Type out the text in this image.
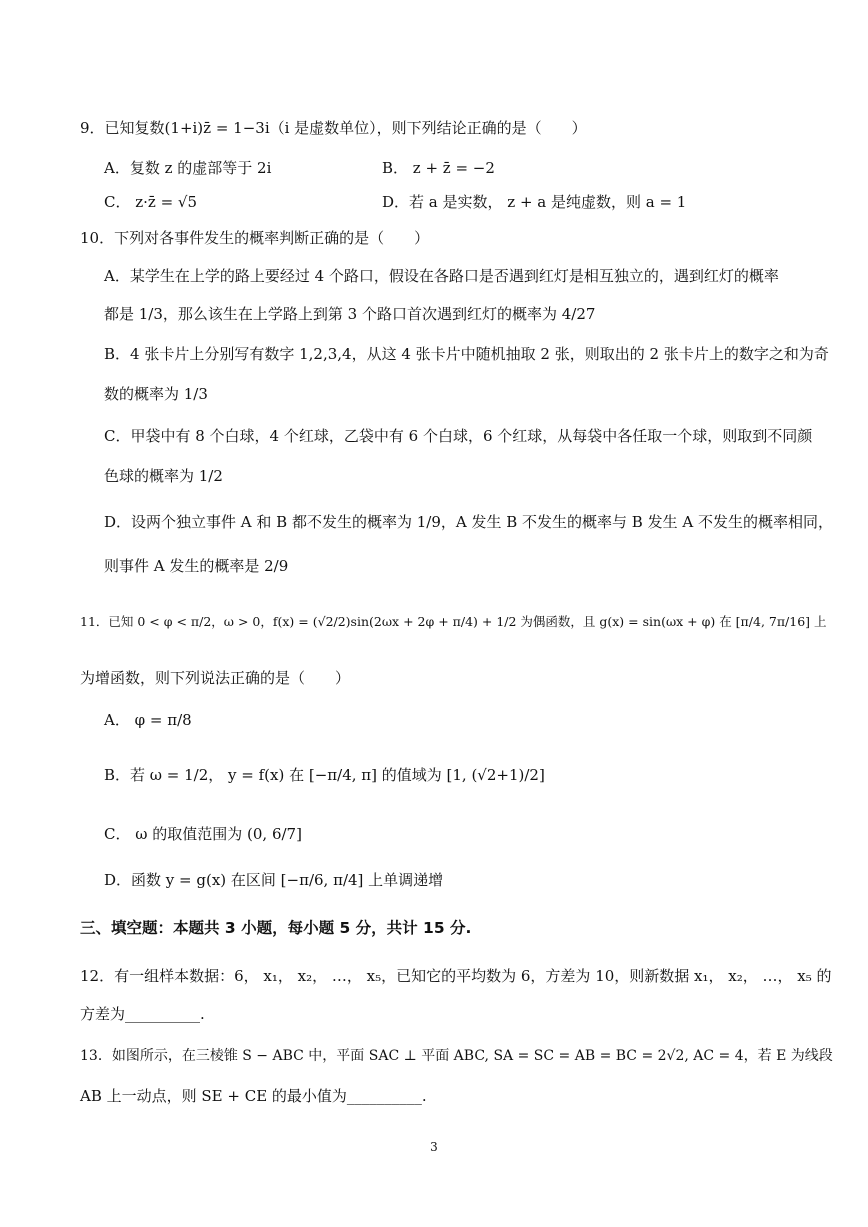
9．已知复数(1+i)z̄ = 1−3i（i 是虚数单位），则下列结论正确的是（　　）
A．复数 z 的虚部等于 2i	B． z + z̄ = −2
C． z·z̄ = √5	D．若 a 是实数， z + a 是纯虚数，则 a = 1
10．下列对各事件发生的概率判断正确的是（　　）
A．某学生在上学的路上要经过 4 个路口，假设在各路口是否遇到红灯是相互独立的，遇到红灯的概率
都是 1/3，那么该生在上学路上到第 3 个路口首次遇到红灯的概率为 4/27
B．4 张卡片上分别写有数字 1,2,3,4，从这 4 张卡片中随机抽取 2 张，则取出的 2 张卡片上的数字之和为奇
数的概率为 1/3
C．甲袋中有 8 个白球，4 个红球，乙袋中有 6 个白球，6 个红球，从每袋中各任取一个球，则取到不同颜
色球的概率为 1/2
D．设两个独立事件 A 和 B 都不发生的概率为 1/9，A 发生 B 不发生的概率与 B 发生 A 不发生的概率相同，
则事件 A 发生的概率是 2/9
11．已知 0 < φ < π/2，ω > 0，f(x) = (√2/2)sin(2ωx + 2φ + π/4) + 1/2 为偶函数，且 g(x) = sin(ωx + φ) 在 [π/4, 7π/16] 上
为增函数，则下列说法正确的是（　　）
A． φ = π/8
B．若 ω = 1/2， y = f(x) 在 [−π/4, π] 的值域为 [1, (√2+1)/2]
C． ω 的取值范围为 (0, 6/7]
D．函数 y = g(x) 在区间 [−π/6, π/4] 上单调递增
三、填空题：本题共 3 小题，每小题 5 分，共计 15 分.
12．有一组样本数据：6， x₁， x₂， …， x₅，已知它的平均数为 6，方差为 10，则新数据 x₁， x₂， …， x₅ 的
方差为__________.
13．如图所示，在三棱锥 S − ABC 中，平面 SAC ⊥ 平面 ABC, SA = SC = AB = BC = 2√2, AC = 4，若 E 为线段
AB 上一动点，则 SE + CE 的最小值为__________.
3
